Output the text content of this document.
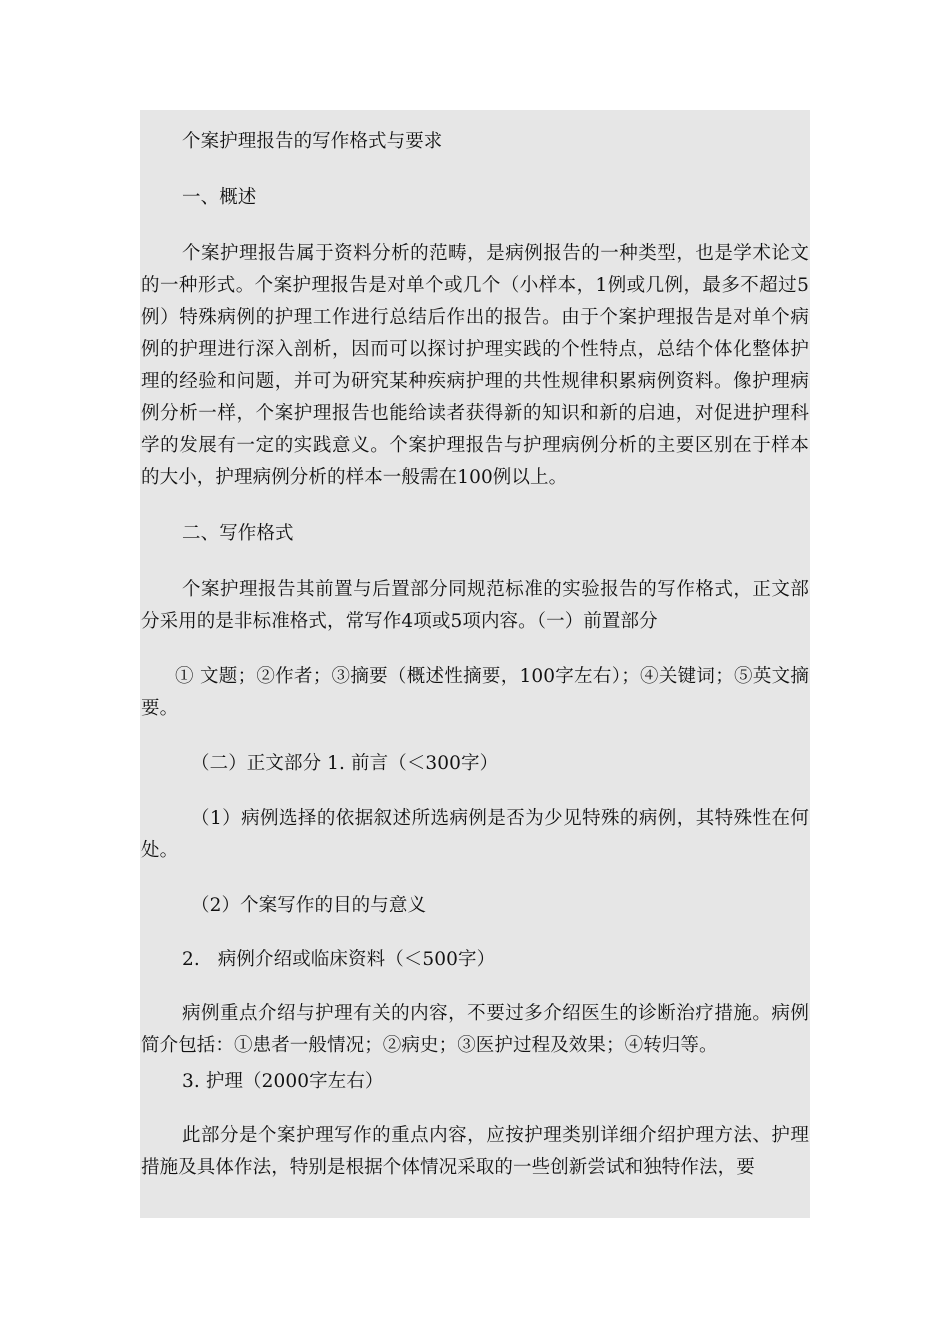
个案护理报告的写作格式与要求

一、概述

个案护理报告属于资料分析的范畴，是病例报告的一种类型，也是学术论文的一种形式。个案护理报告是对单个或几个（小样本，1例或几例，最多不超过5例）特殊病例的护理工作进行总结后作出的报告。由于个案护理报告是对单个病例的护理进行深入剖析，因而可以探讨护理实践的个性特点，总结个体化整体护理的经验和问题，并可为研究某种疾病护理的共性规律积累病例资料。像护理病例分析一样，个案护理报告也能给读者获得新的知识和新的启迪，对促进护理科学的发展有一定的实践意义。个案护理报告与护理病例分析的主要区别在于样本的大小，护理病例分析的样本一般需在100例以上。

二、写作格式

个案护理报告其前置与后置部分同规范标准的实验报告的写作格式，正文部分采用的是非标准格式，常写作4项或5项内容。（一）前置部分

① 文题；②作者；③摘要（概述性摘要，100字左右）；④关键词；⑤英文摘要。

（二）正文部分 1. 前言（＜300字）

（1）病例选择的依据叙述所选病例是否为少见特殊的病例，其特殊性在何处。

（2）个案写作的目的与意义

2.   病例介绍或临床资料（＜500字）

病例重点介绍与护理有关的内容，不要过多介绍医生的诊断治疗措施。病例简介包括：①患者一般情况；②病史；③医护过程及效果；④转归等。

3. 护理（2000字左右）

此部分是个案护理写作的重点内容，应按护理类别详细介绍护理方法、护理措施及具体作法，特别是根据个体情况采取的一些创新尝试和独特作法，要
